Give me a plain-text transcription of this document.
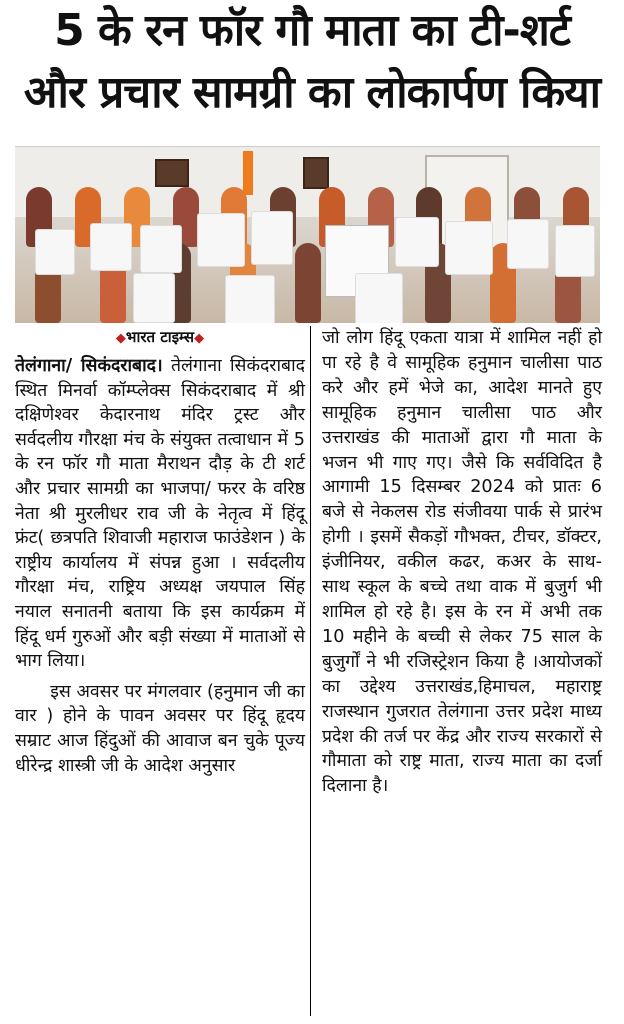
5 के रन फॉर गौ माता का टी-शर्ट
और प्रचार सामग्री का लोकार्पण किया
◆भारत टाइम्स◆

तेलंगाना/ सिकंदराबाद। तेलंगाना सिकंदराबाद स्थित मिनर्वा कॉम्प्लेक्स सिकंदराबाद में श्री दक्षिणेश्वर केदारनाथ मंदिर ट्रस्ट और सर्वदलीय गौरक्षा मंच के संयुक्त तत्वाधान में 5 के रन फॉर गौ माता मैराथन दौड़ के टी शर्ट और प्रचार सामग्री का भाजपा/ फरर के वरिष्ठ नेता श्री मुरलीधर राव जी के नेतृत्व में हिंदू फ्रंट( छत्रपति शिवाजी महाराज फाउंडेशन ) के राष्ट्रीय कार्यालय में संपन्न हुआ । सर्वदलीय गौरक्षा मंच, राष्ट्रिय अध्यक्ष जयपाल सिंह नयाल सनातनी बताया कि इस कार्यक्रम में हिंदू धर्म गुरुओं और बड़ी संख्या में माताओं से भाग लिया।

इस अवसर पर मंगलवार (हनुमान जी का वार ) होने के पावन अवसर पर हिंदू हृदय सम्राट आज हिंदुओं की आवाज बन चुके पूज्य धीरेन्द्र शास्त्री जी के आदेश अनुसार

जो लोग हिंदू एकता यात्रा में शामिल नहीं हो पा रहे है वे सामूहिक हनुमान चालीसा पाठ करे और हमें भेजे का, आदेश मानते हुए सामूहिक हनुमान चालीसा पाठ और उत्तराखंड की माताओं द्वारा गौ माता के भजन भी गाए गए। जैसे कि सर्वविदित है आगामी 15 दिसम्बर 2024 को प्रातः 6 बजे से नेकलस रोड संजीवया पार्क से प्रारंभ होगी । इसमें सैकड़ों गौभक्त, टीचर, डॉक्टर, इंजीनियर, वकील कढर, कअर के साथ- साथ स्कूल के बच्चे तथा वाक में बुजुर्ग भी शामिल हो रहे है। इस के रन में अभी तक 10 महीने के बच्ची से लेकर 75 साल के बुजुर्गों ने भी रजिस्ट्रेशन किया है ।आयोजकों का उद्देश्य उत्तराखंड,हिमाचल, महाराष्ट्र राजस्थान गुजरात तेलंगाना उत्तर प्रदेश माध्य प्रदेश की तर्ज पर केंद्र और राज्य सरकारों से गौमाता को राष्ट्र माता, राज्य माता का दर्जा दिलाना है।
